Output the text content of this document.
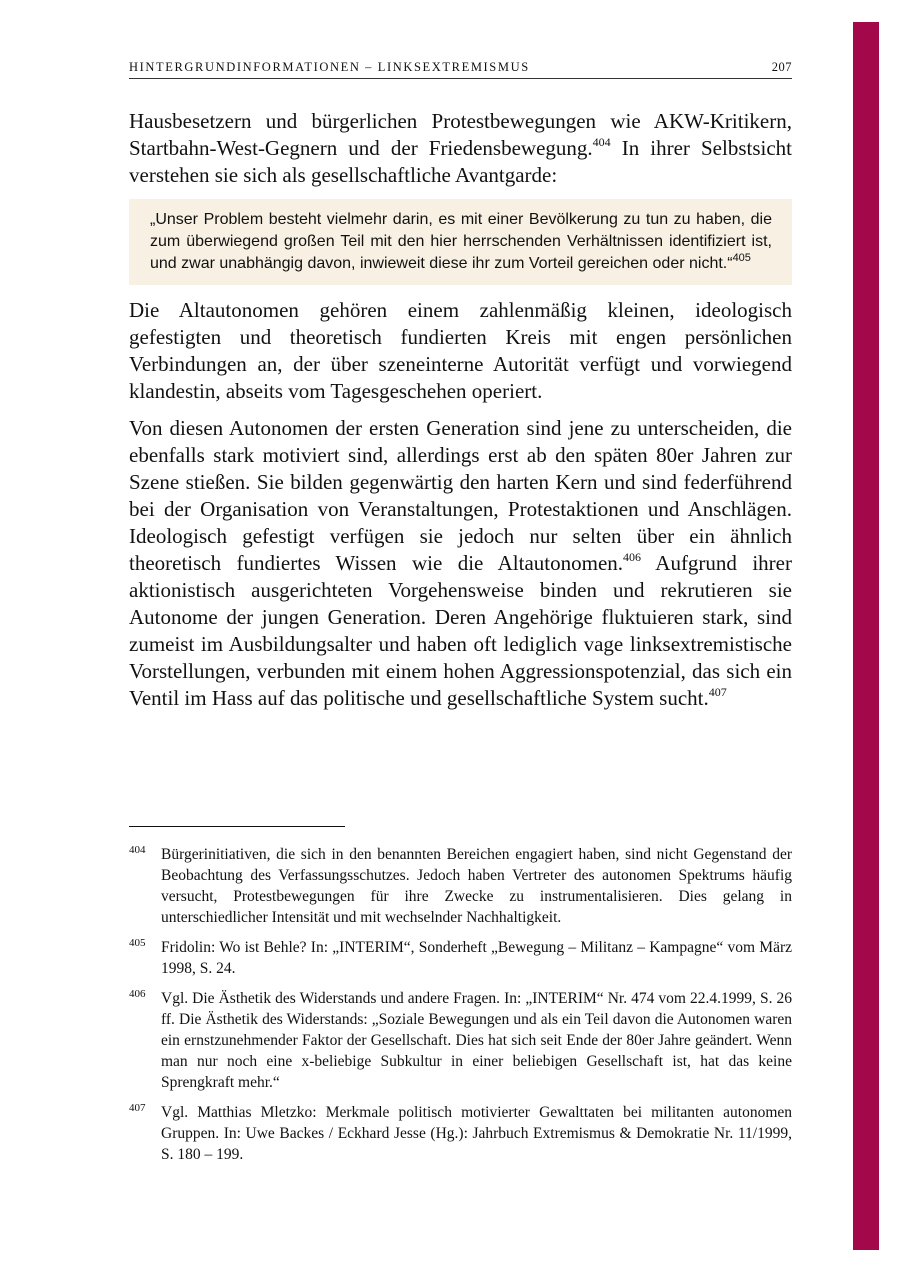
HINTERGRUNDINFORMATIONEN – LINKSEXTREMISMUS	207

Hausbesetzern und bürgerlichen Protestbewegungen wie AKW-Kritikern, Startbahn-West-Gegnern und der Friedensbewegung.$^{404}$ In ihrer Selbstsicht verstehen sie sich als gesellschaftliche Avantgarde:

„Unser Problem besteht vielmehr darin, es mit einer Bevölkerung zu tun zu haben, die zum überwiegend großen Teil mit den hier herrschenden Verhältnissen identifiziert ist, und zwar unabhängig davon, inwieweit diese ihr zum Vorteil gereichen oder nicht.“$^{405}$

Die Altautonomen gehören einem zahlenmäßig kleinen, ideologisch gefestigten und theoretisch fundierten Kreis mit engen persönlichen Verbindungen an, der über szeneinterne Autorität verfügt und vorwiegend klandestin, abseits vom Tagesgeschehen operiert.

Von diesen Autonomen der ersten Generation sind jene zu unterscheiden, die ebenfalls stark motiviert sind, allerdings erst ab den späten 80er Jahren zur Szene stießen. Sie bilden gegenwärtig den harten Kern und sind federführend bei der Organisation von Veranstaltungen, Protestaktionen und Anschlägen. Ideologisch gefestigt verfügen sie jedoch nur selten über ein ähnlich theoretisch fundiertes Wissen wie die Altautonomen.$^{406}$ Aufgrund ihrer aktionistisch ausgerichteten Vorgehensweise binden und rekrutieren sie Autonome der jungen Generation. Deren Angehörige fluktuieren stark, sind zumeist im Ausbildungsalter und haben oft lediglich vage linksextremistische Vorstellungen, verbunden mit einem hohen Aggressionspotenzial, das sich ein Ventil im Hass auf das politische und gesellschaftliche System sucht.$^{407}$

404 Bürgerinitiativen, die sich in den benannten Bereichen engagiert haben, sind nicht Gegenstand der Beobachtung des Verfassungsschutzes. Jedoch haben Vertreter des autonomen Spektrums häufig versucht, Protestbewegungen für ihre Zwecke zu instrumentalisieren. Dies gelang in unterschiedlicher Intensität und mit wechselnder Nachhaltigkeit.
405 Fridolin: Wo ist Behle? In: „INTERIM“, Sonderheft „Bewegung – Militanz – Kampagne“ vom März 1998, S. 24.
406 Vgl. Die Ästhetik des Widerstands und andere Fragen. In: „INTERIM“ Nr. 474 vom 22.4.1999, S. 26 ff. Die Ästhetik des Widerstands: „Soziale Bewegungen und als ein Teil davon die Autonomen waren ein ernstzunehmender Faktor der Gesellschaft. Dies hat sich seit Ende der 80er Jahre geändert. Wenn man nur noch eine x-beliebige Subkultur in einer beliebigen Gesellschaft ist, hat das keine Sprengkraft mehr.“
407 Vgl. Matthias Mletzko: Merkmale politisch motivierter Gewalttaten bei militanten autonomen Gruppen. In: Uwe Backes / Eckhard Jesse (Hg.): Jahrbuch Extremismus & Demokratie Nr. 11/1999, S. 180 – 199.
